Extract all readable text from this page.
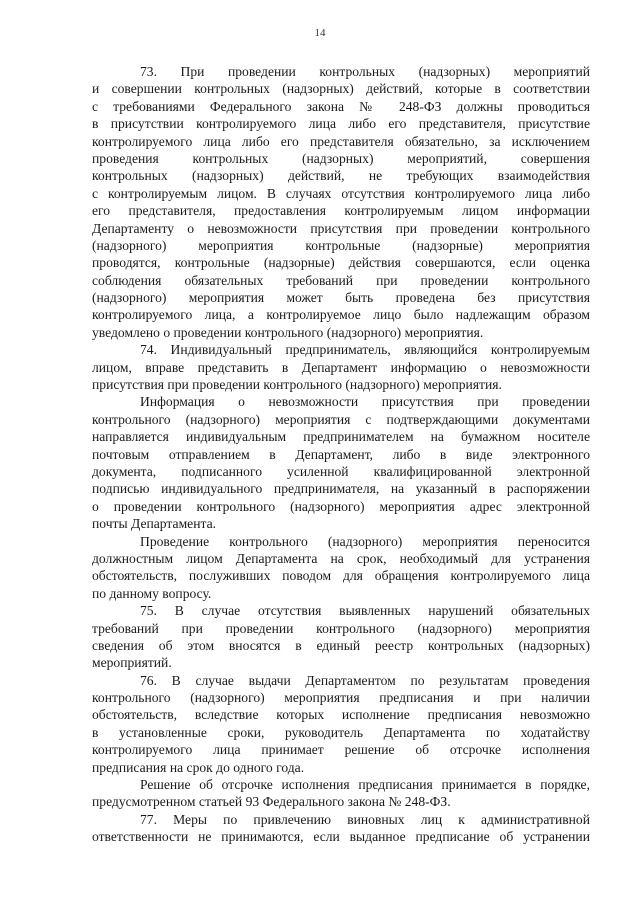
14
73. При проведении контрольных (надзорных) мероприятий
и совершении контрольных (надзорных) действий, которые в соответствии
с требованиями Федерального закона № 248-ФЗ должны проводиться
в присутствии контролируемого лица либо его представителя, присутствие
контролируемого лица либо его представителя обязательно, за исключением
проведения контрольных (надзорных) мероприятий, совершения
контрольных (надзорных) действий, не требующих взаимодействия
с контролируемым лицом. В случаях отсутствия контролируемого лица либо
его представителя, предоставления контролируемым лицом информации
Департаменту о невозможности присутствия при проведении контрольного
(надзорного) мероприятия контрольные (надзорные) мероприятия
проводятся, контрольные (надзорные) действия совершаются, если оценка
соблюдения обязательных требований при проведении контрольного
(надзорного) мероприятия может быть проведена без присутствия
контролируемого лица, а контролируемое лицо было надлежащим образом
уведомлено о проведении контрольного (надзорного) мероприятия.
74. Индивидуальный предприниматель, являющийся контролируемым
лицом, вправе представить в Департамент информацию о невозможности
присутствия при проведении контрольного (надзорного) мероприятия.
Информация о невозможности присутствия при проведении
контрольного (надзорного) мероприятия с подтверждающими документами
направляется индивидуальным предпринимателем на бумажном носителе
почтовым отправлением в Департамент, либо в виде электронного
документа, подписанного усиленной квалифицированной электронной
подписью индивидуального предпринимателя, на указанный в распоряжении
о проведении контрольного (надзорного) мероприятия адрес электронной
почты Департамента.
Проведение контрольного (надзорного) мероприятия переносится
должностным лицом Департамента на срок, необходимый для устранения
обстоятельств, послуживших поводом для обращения контролируемого лица
по данному вопросу.
75. В случае отсутствия выявленных нарушений обязательных
требований при проведении контрольного (надзорного) мероприятия
сведения об этом вносятся в единый реестр контрольных (надзорных)
мероприятий.
76. В случае выдачи Департаментом по результатам проведения
контрольного (надзорного) мероприятия предписания и при наличии
обстоятельств, вследствие которых исполнение предписания невозможно
в установленные сроки, руководитель Департамента по ходатайству
контролируемого лица принимает решение об отсрочке исполнения
предписания на срок до одного года.
Решение об отсрочке исполнения предписания принимается в порядке,
предусмотренном статьей 93 Федерального закона № 248-ФЗ.
77. Меры по привлечению виновных лиц к административной
ответственности не принимаются, если выданное предписание об устранении
